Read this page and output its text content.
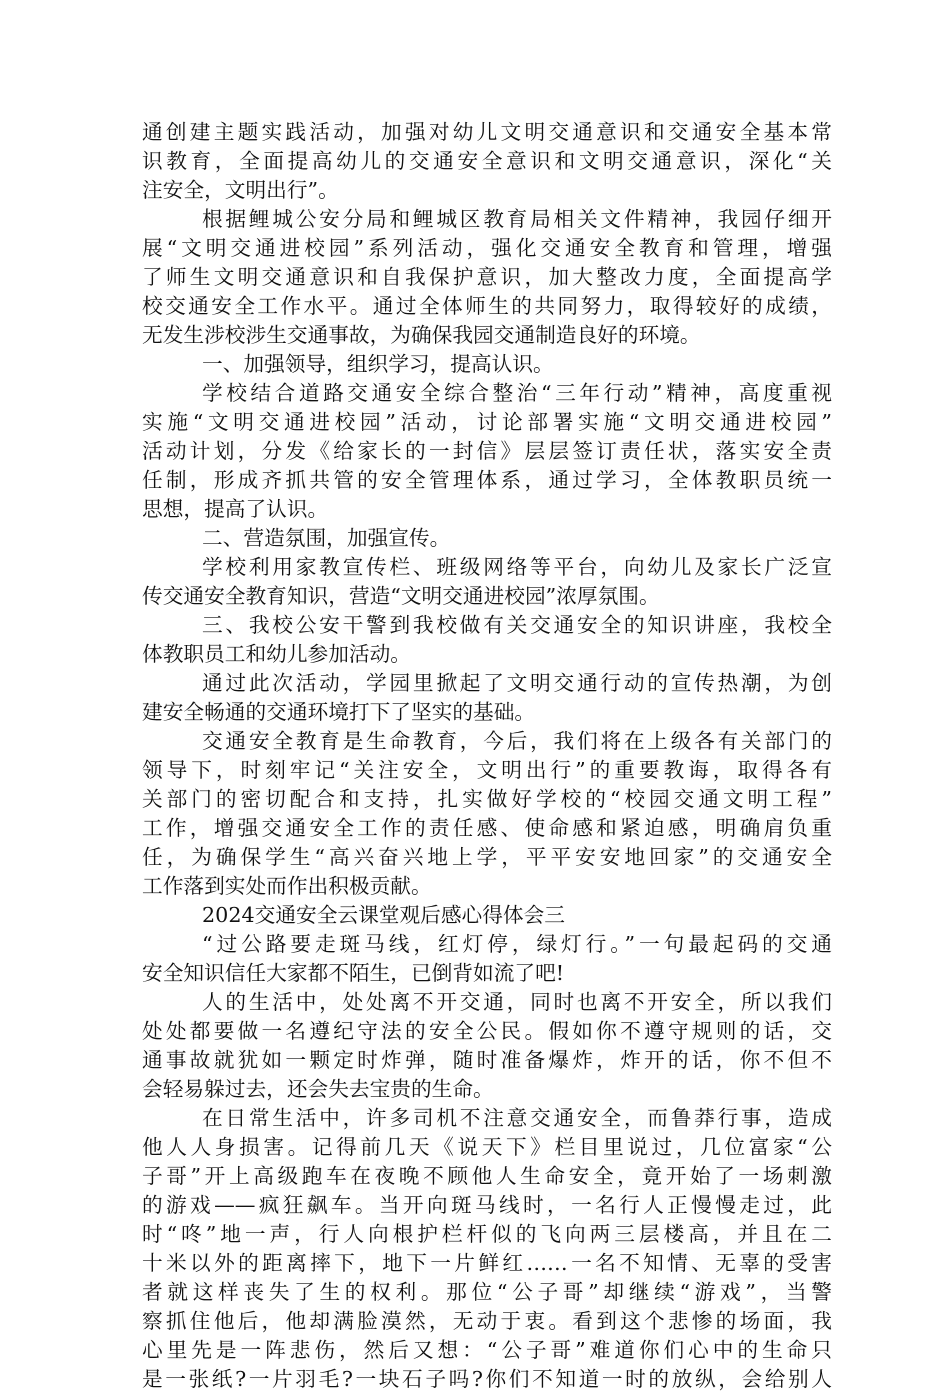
通创建主题实践活动，加强对幼儿文明交通意识和交通安全基本常
识教育，全面提高幼儿的交通安全意识和文明交通意识，深化“关
注安全，文明出行”。
根据鲤城公安分局和鲤城区教育局相关文件精神，我园仔细开
展“文明交通进校园”系列活动，强化交通安全教育和管理，增强
了师生文明交通意识和自我保护意识，加大整改力度，全面提高学
校交通安全工作水平。通过全体师生的共同努力，取得较好的成绩，
无发生涉校涉生交通事故，为确保我园交通制造良好的环境。
一、加强领导，组织学习，提高认识。
学校结合道路交通安全综合整治“三年行动”精神，高度重视
实施“文明交通进校园”活动，讨论部署实施“文明交通进校园”
活动计划，分发《给家长的一封信》层层签订责任状，落实安全责
任制，形成齐抓共管的安全管理体系，通过学习，全体教职员统一
思想，提高了认识。
二、营造氛围，加强宣传。
学校利用家教宣传栏、班级网络等平台，向幼儿及家长广泛宣
传交通安全教育知识，营造“文明交通进校园”浓厚氛围。
三、我校公安干警到我校做有关交通安全的知识讲座，我校全
体教职员工和幼儿参加活动。
通过此次活动，学园里掀起了文明交通行动的宣传热潮，为创
建安全畅通的交通环境打下了坚实的基础。
交通安全教育是生命教育，今后，我们将在上级各有关部门的
领导下，时刻牢记“关注安全，文明出行”的重要教诲，取得各有
关部门的密切配合和支持，扎实做好学校的“校园交通文明工程”
工作，增强交通安全工作的责任感、使命感和紧迫感，明确肩负重
任，为确保学生“高兴奋兴地上学，平平安安地回家”的交通安全
工作落到实处而作出积极贡献。
2024交通安全云课堂观后感心得体会三
“过公路要走斑马线，红灯停，绿灯行。”一句最起码的交通
安全知识信任大家都不陌生，已倒背如流了吧!
人的生活中，处处离不开交通，同时也离不开安全，所以我们
处处都要做一名遵纪守法的安全公民。假如你不遵守规则的话，交
通事故就犹如一颗定时炸弹，随时准备爆炸，炸开的话，你不但不
会轻易躲过去，还会失去宝贵的生命。
在日常生活中，许多司机不注意交通安全，而鲁莽行事，造成
他人人身损害。记得前几天《说天下》栏目里说过，几位富家“公
子哥”开上高级跑车在夜晚不顾他人生命安全，竟开始了一场刺激
的游戏——疯狂飙车。当开向斑马线时，一名行人正慢慢走过，此
时“咚”地一声，行人向根护栏杆似的飞向两三层楼高，并且在二
十米以外的距离摔下，地下一片鲜红……一名不知情、无辜的受害
者就这样丧失了生的权利。那位“公子哥”却继续“游戏”，当警
察抓住他后，他却满脸漠然，无动于衷。看到这个悲惨的场面，我
心里先是一阵悲伤，然后又想：“公子哥”难道你们心中的生命只
是一张纸?一片羽毛?一块石子吗?你们不知道一时的放纵，会给别人
